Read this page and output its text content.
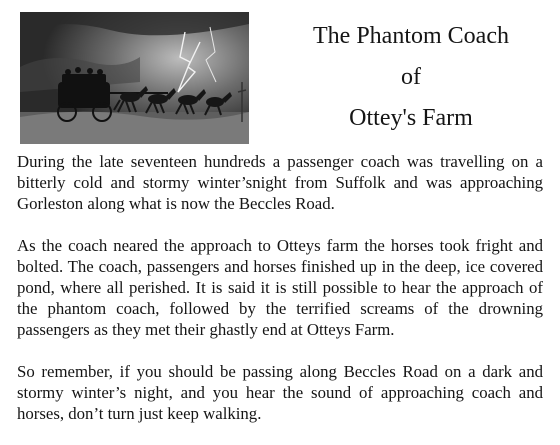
The Phantom Coach
of
Ottey's Farm

During the late seventeen hundreds a passenger coach was travelling on a bitterly cold and stormy winter’snight from Suffolk and was approaching Gorleston along what is now the Beccles Road.

As the coach neared the approach to Otteys farm the horses took fright and bolted. The coach, passengers and horses finished up in the deep, ice covered pond, where all perished. It is said it is still possible to hear the approach of the phantom coach, followed by the terrified screams of the drowning passengers as they met their ghastly end at Otteys Farm.

So remember, if you should be passing along Beccles Road on a dark and stormy winter’s night, and you hear the sound of approaching coach and horses, don’t turn just keep walking.
